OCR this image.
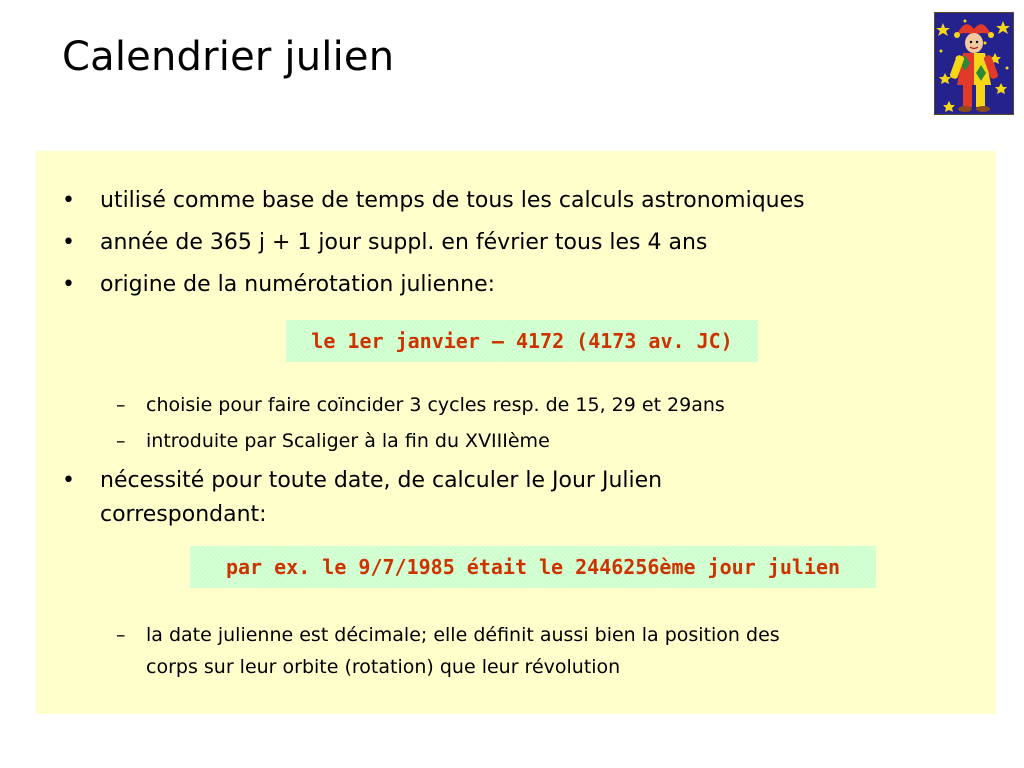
Calendrier julien
• utilisé comme base de temps de tous les calculs astronomiques
• année de 365 j + 1 jour suppl. en février tous les 4 ans
• origine de la numérotation julienne:
le 1er janvier – 4172 (4173 av. JC)
– choisie pour faire coïncider 3 cycles resp. de 15, 29 et 29ans
– introduite par Scaliger à la fin du XVIIIème
• nécessité pour toute date, de calculer le Jour Julien
correspondant:
par ex. le 9/7/1985 était le 2446256ème jour julien
– la date julienne est décimale; elle définit aussi bien la position des
corps sur leur orbite (rotation) que leur révolution
